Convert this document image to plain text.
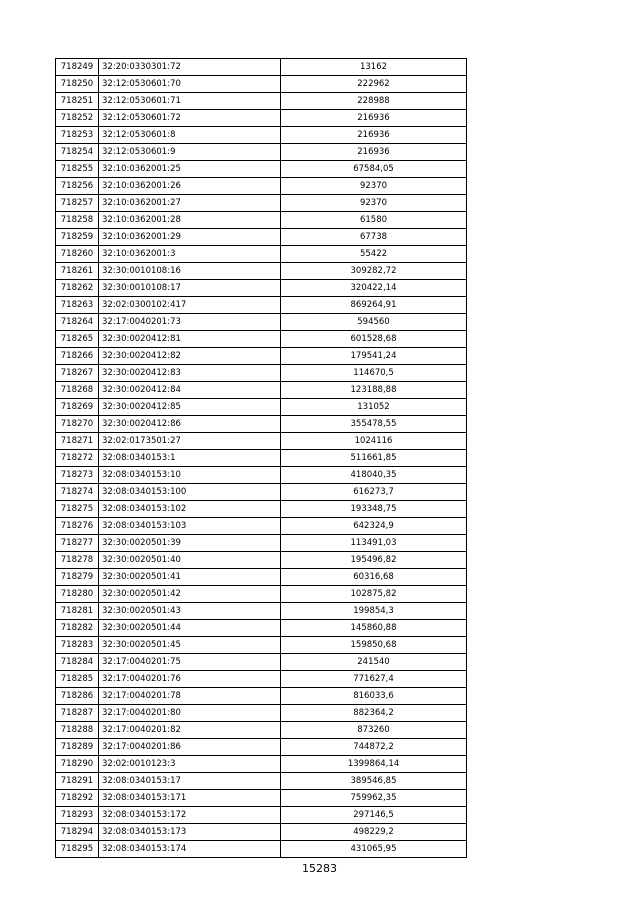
718249	32:20:0330301:72	13162
718250	32:12:0530601:70	222962
718251	32:12:0530601:71	228988
718252	32:12:0530601:72	216936
718253	32:12:0530601:8	216936
718254	32:12:0530601:9	216936
718255	32:10:0362001:25	67584,05
718256	32:10:0362001:26	92370
718257	32:10:0362001:27	92370
718258	32:10:0362001:28	61580
718259	32:10:0362001:29	67738
718260	32:10:0362001:3	55422
718261	32:30:0010108:16	309282,72
718262	32:30:0010108:17	320422,14
718263	32:02:0300102:417	869264,91
718264	32:17:0040201:73	594560
718265	32:30:0020412:81	601528,68
718266	32:30:0020412:82	179541,24
718267	32:30:0020412:83	114670,5
718268	32:30:0020412:84	123188,88
718269	32:30:0020412:85	131052
718270	32:30:0020412:86	355478,55
718271	32:02:0173501:27	1024116
718272	32:08:0340153:1	511661,85
718273	32:08:0340153:10	418040,35
718274	32:08:0340153:100	616273,7
718275	32:08:0340153:102	193348,75
718276	32:08:0340153:103	642324,9
718277	32:30:0020501:39	113491,03
718278	32:30:0020501:40	195496,82
718279	32:30:0020501:41	60316,68
718280	32:30:0020501:42	102875,82
718281	32:30:0020501:43	199854,3
718282	32:30:0020501:44	145860,88
718283	32:30:0020501:45	159850,68
718284	32:17:0040201:75	241540
718285	32:17:0040201:76	771627,4
718286	32:17:0040201:78	816033,6
718287	32:17:0040201:80	882364,2
718288	32:17:0040201:82	873260
718289	32:17:0040201:86	744872,2
718290	32:02:0010123:3	1399864,14
718291	32:08:0340153:17	389546,85
718292	32:08:0340153:171	759962,35
718293	32:08:0340153:172	297146,5
718294	32:08:0340153:173	498229,2
718295	32:08:0340153:174	431065,95
15283
